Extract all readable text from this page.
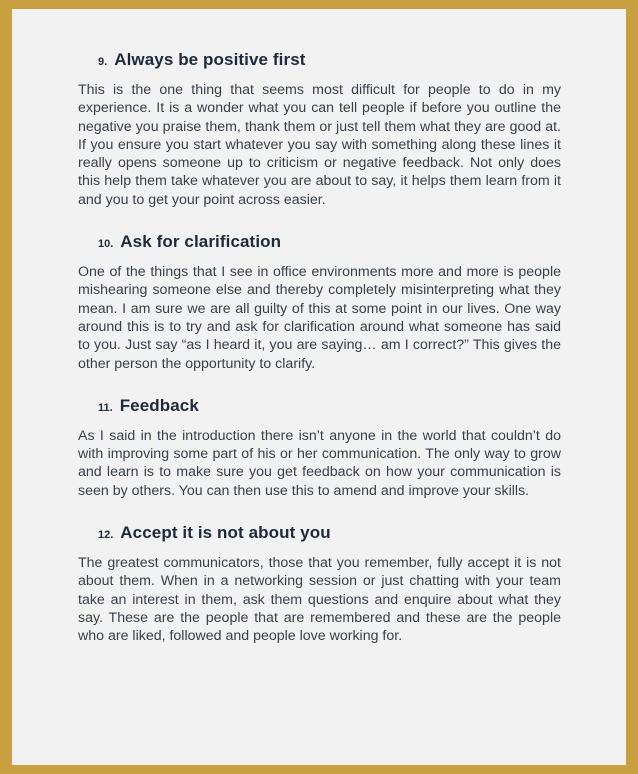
9. Always be positive first

This is the one thing that seems most difficult for people to do in my experience. It is a wonder what you can tell people if before you outline the negative you praise them, thank them or just tell them what they are good at. If you ensure you start whatever you say with something along these lines it really opens someone up to criticism or negative feedback. Not only does this help them take whatever you are about to say, it helps them learn from it and you to get your point across easier.

10. Ask for clarification

One of the things that I see in office environments more and more is people mishearing someone else and thereby completely misinterpreting what they mean. I am sure we are all guilty of this at some point in our lives. One way around this is to try and ask for clarification around what someone has said to you. Just say “as I heard it, you are saying… am I correct?” This gives the other person the opportunity to clarify.

11. Feedback

As I said in the introduction there isn’t anyone in the world that couldn’t do with improving some part of his or her communication. The only way to grow and learn is to make sure you get feedback on how your communication is seen by others. You can then use this to amend and improve your skills.

12. Accept it is not about you

The greatest communicators, those that you remember, fully accept it is not about them. When in a networking session or just chatting with your team take an interest in them, ask them questions and enquire about what they say. These are the people that are remembered and these are the people who are liked, followed and people love working for.
